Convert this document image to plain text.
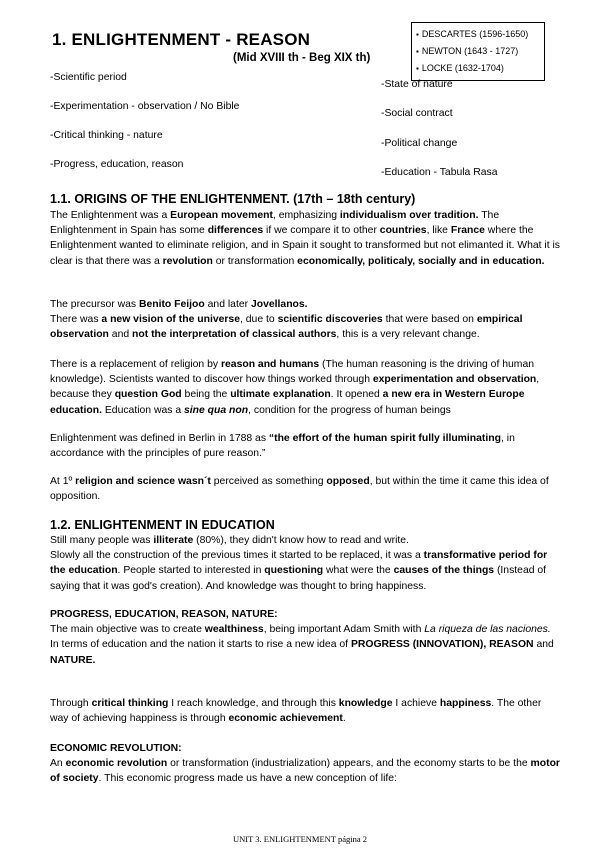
1. ENLIGHTENMENT - REASON
(Mid XVIII th - Beg XIX th)
▪ DESCARTES (1596-1650)
▪ NEWTON (1643 - 1727)
▪ LOCKE (1632-1704)
-Scientific period
-Experimentation - observation / No Bible
-Critical thinking - nature
-Progress, education, reason
-State of nature
-Social contract
-Political change
-Education - Tabula Rasa
1.1. ORIGINS OF THE ENLIGHTENMENT. (17th – 18th century)
The Enlightenment was a European movement, emphasizing individualism over tradition. The Enlightenment in Spain has some differences if we compare it to other countries, like France where the Enlightenment wanted to eliminate religion, and in Spain it sought to transformed but not elimanted it. What it is clear is that there was a revolution or transformation economically, politicaly, socially and in education.
The precursor was Benito Feijoo and later Jovellanos.
There was a new vision of the universe, due to scientific discoveries that were based on empirical observation and not the interpretation of classical authors, this is a very relevant change.
There is a replacement of religion by reason and humans (The human reasoning is the driving of human knowledge). Scientists wanted to discover how things worked through experimentation and observation, because they question God being the ultimate explanation. It opened a new era in Western Europe education. Education was a sine qua non, condition for the progress of human beings
Enlightenment was defined in Berlin in 1788 as “the effort of the human spirit fully illuminating, in accordance with the principles of pure reason.”
At 1º religion and science wasn´t perceived as something opposed, but within the time it came this idea of opposition.
1.2. ENLIGHTENMENT IN EDUCATION
Still many people was illiterate (80%), they didn't know how to read and write.
Slowly all the construction of the previous times it started to be replaced, it was a transformative period for the education. People started to interested in questioning what were the causes of the things (Instead of saying that it was god's creation). And knowledge was thought to bring happiness.
PROGRESS, EDUCATION, REASON, NATURE:
The main objective was to create wealthiness, being important Adam Smith with La riqueza de las naciones.
In terms of education and the nation it starts to rise a new idea of PROGRESS (INNOVATION), REASON and NATURE.
Through critical thinking I reach knowledge, and through this knowledge I achieve happiness. The other way of achieving happiness is through economic achievement.
ECONOMIC REVOLUTION:
An economic revolution or transformation (industrialization) appears, and the economy starts to be the motor of society. This economic progress made us have a new conception of life:
UNIT 3. ENLIGHTENMENT página 2
